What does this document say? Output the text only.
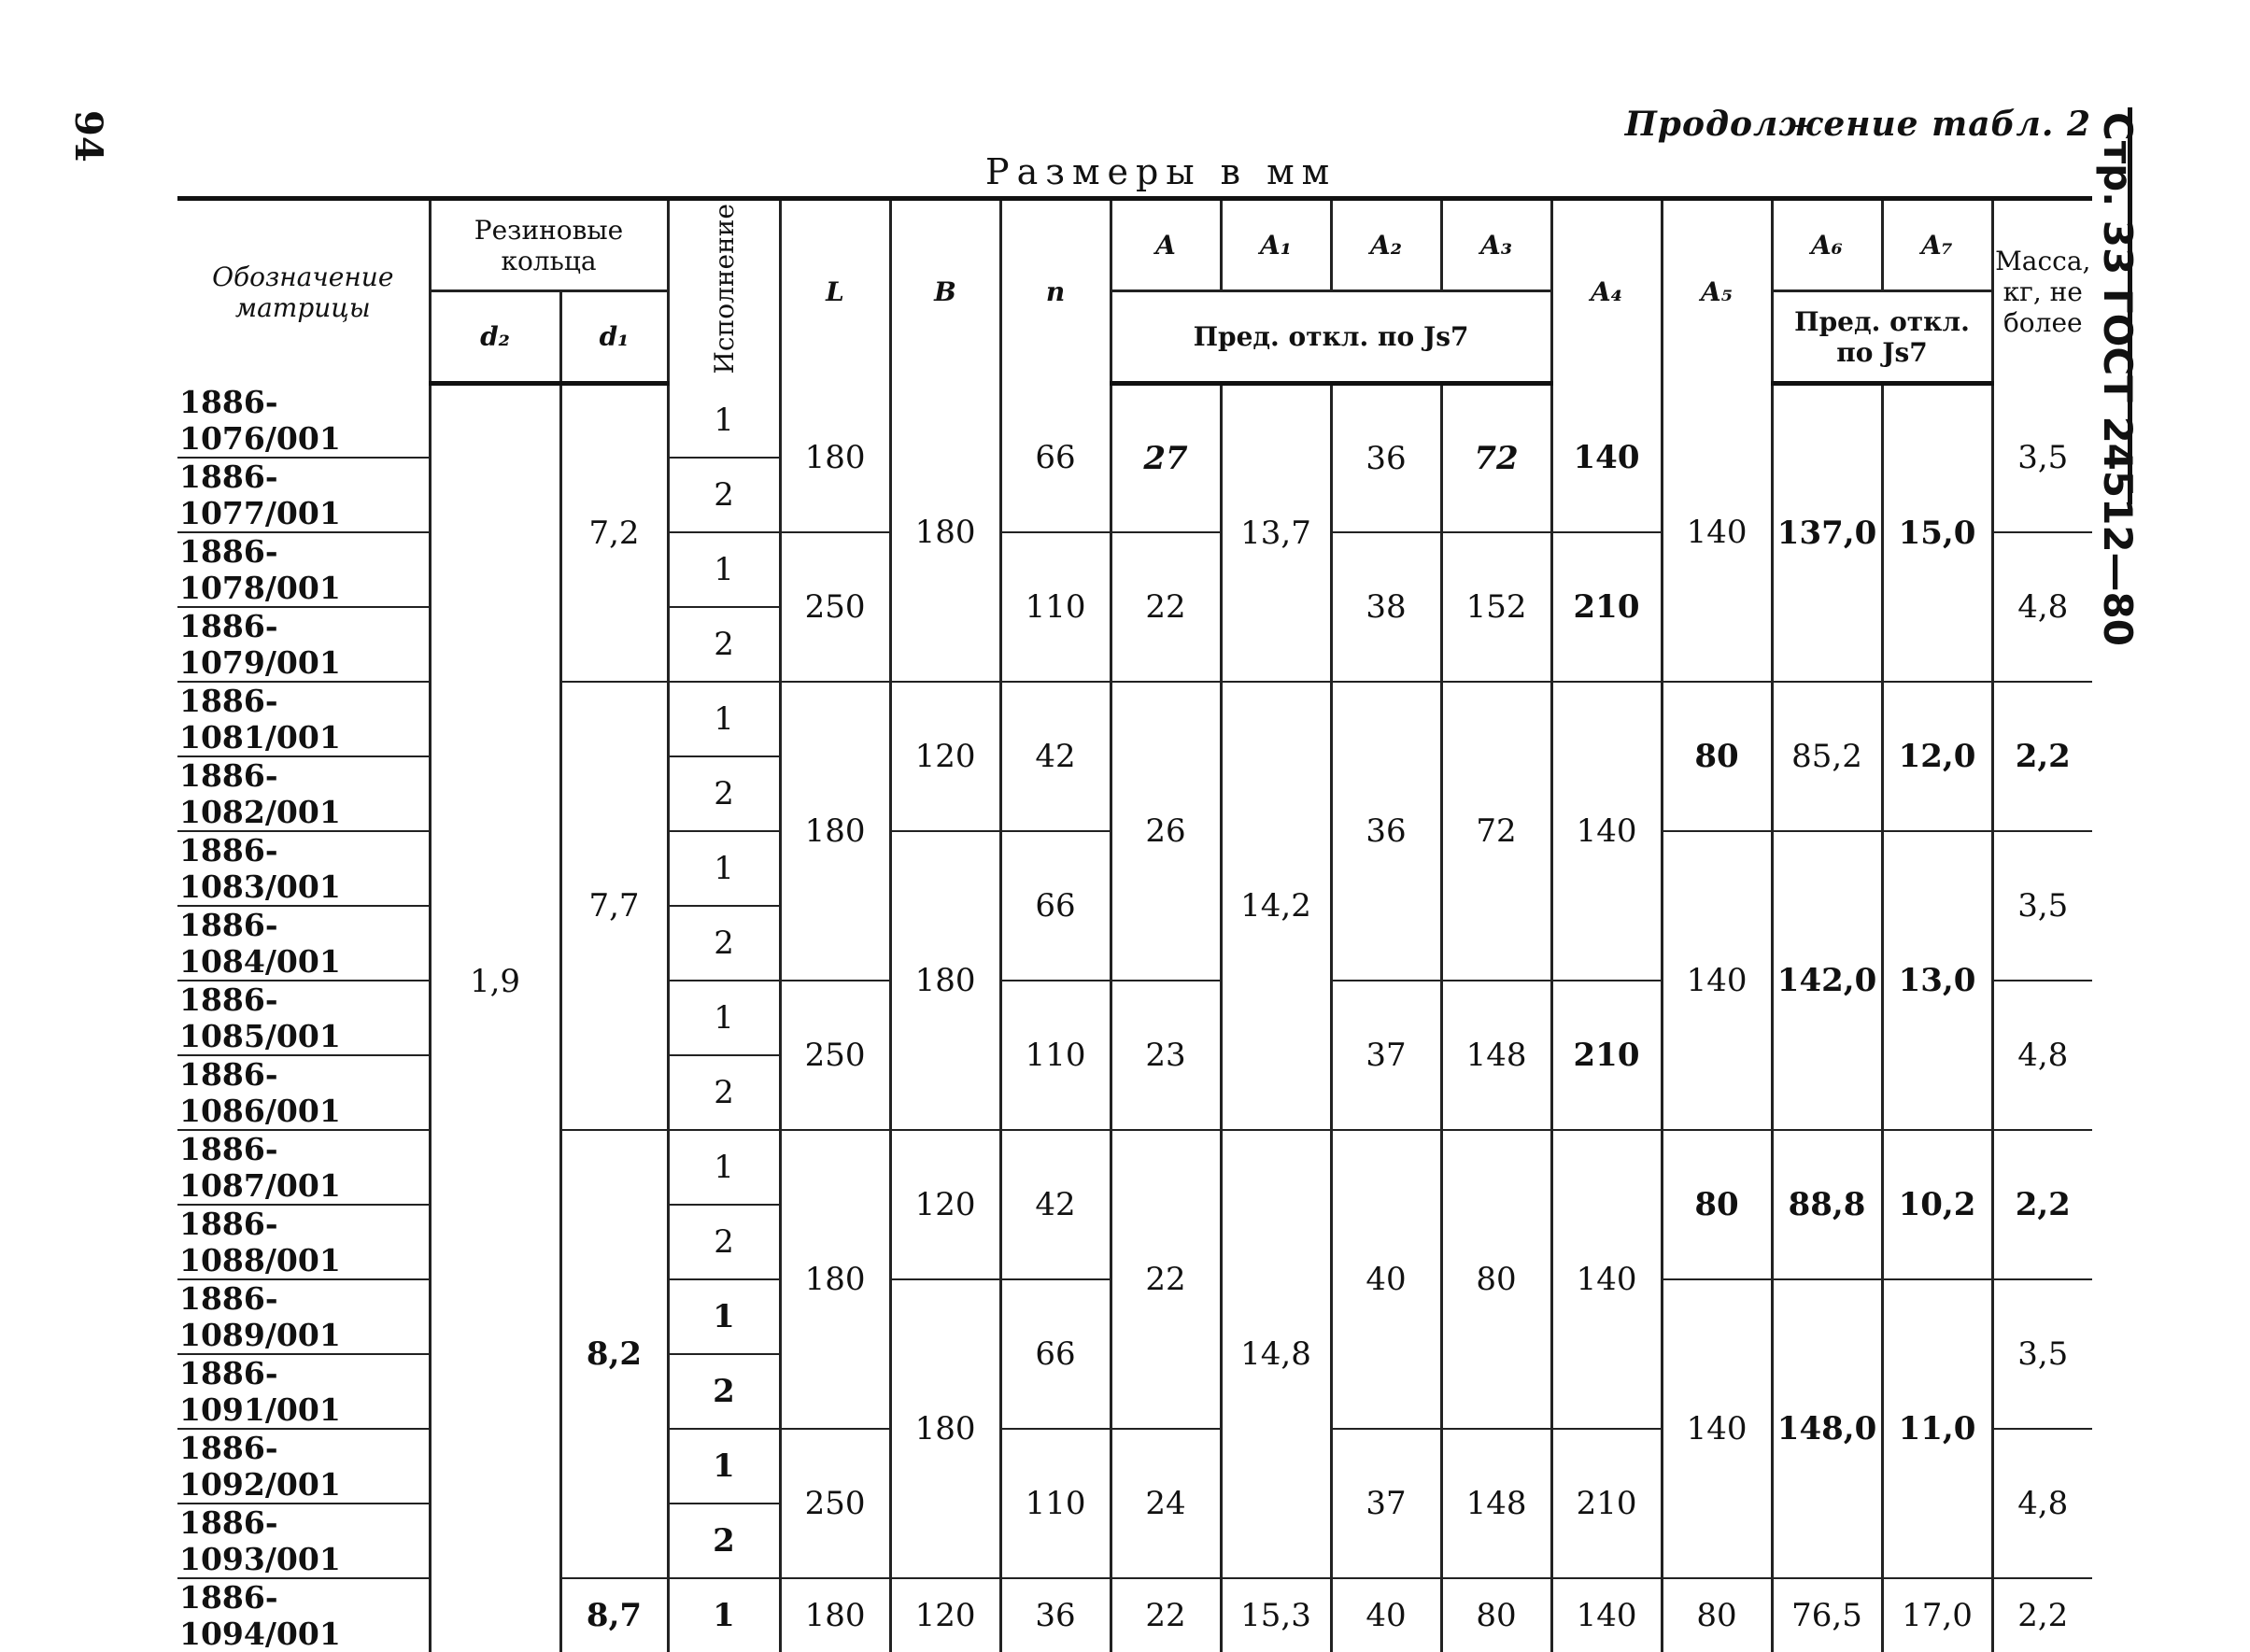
94	Продолжение табл. 2 Стр. 33 ГОСТ 24512—80
Размеры в мм
Обозначение матрицы	Резиновые кольца		Исполнение	L	B	n	A	A₁	A₂	A₃	A₄	A₅	A₆	A₇	Масса, кг, не более
	d₂	d₁					Пред. откл. по Js7						Пред. откл. по Js7		
1886-1076/001	1,9	7,2	1	180	180	66	27	13,7	36	72	140	140	137,0	15,0	3,5
1886-1077/001			2												
1886-1078/001			1	250		110	22		38	152	210				4,8
1886-1079/001			2												
1886-1081/001		7,7	1	180	120	42	26	14,2	36	72	140	80	85,2	12,0	2,2
1886-1082/001			2												
1886-1083/001			1		180	66						140	142,0	13,0	3,5
1886-1084/001			2												
1886-1085/001			1	250		110	23		37	148	210				4,8
1886-1086/001			2												
1886-1087/001		8,2	1	180	120	42	22	14,8	40	80	140	80	88,8	10,2	2,2
1886-1088/001			2												
1886-1089/001			1		180	66						140	148,0	11,0	3,5
1886-1091/001			2												
1886-1092/001			1	250		110	24		37	148	210				4,8
1886-1093/001			2												
1886-1094/001		8,7	1	180	120	36	22	15,3	40	80	140	80	76,5	17,0	2,2
